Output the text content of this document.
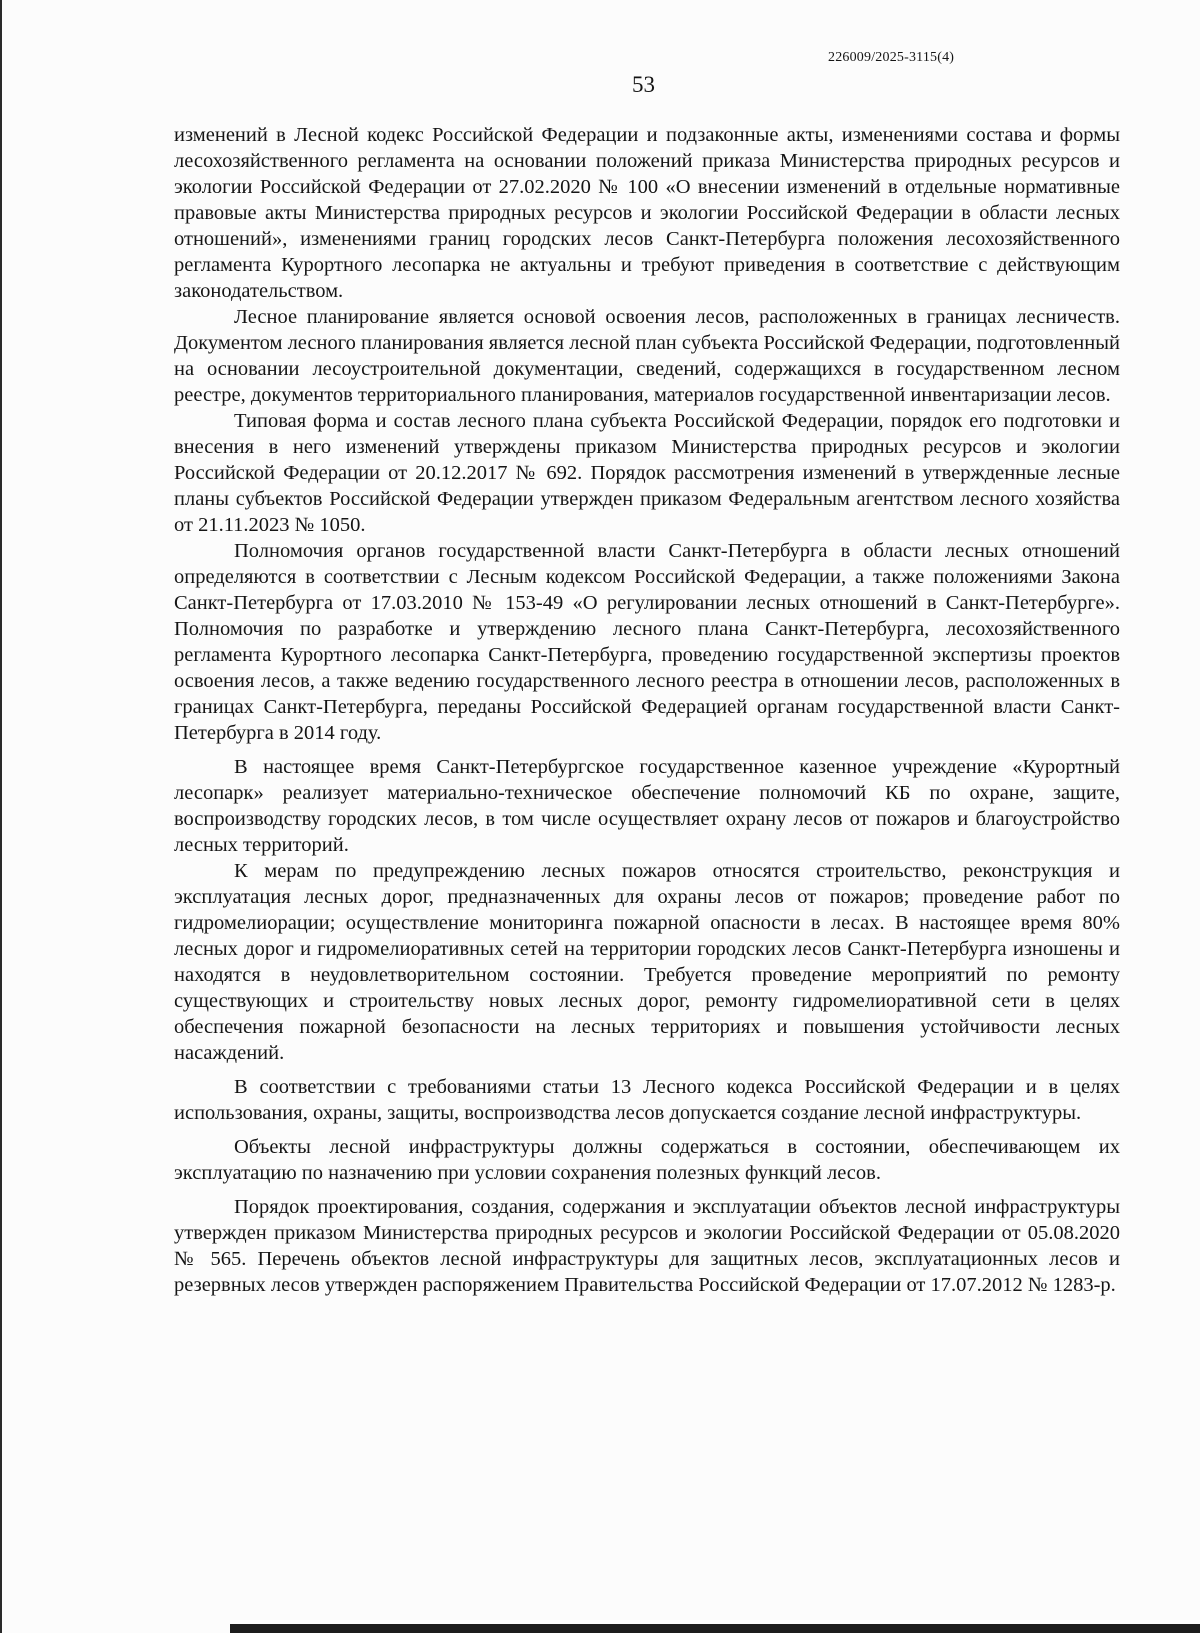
226009/2025-3115(4)
53

изменений в Лесной кодекс Российской Федерации и подзаконные акты, изменениями состава и формы лесохозяйственного регламента на основании положений приказа Министерства природных ресурсов и экологии Российской Федерации от 27.02.2020 № 100 «О внесении изменений в отдельные нормативные правовые акты Министерства природных ресурсов и экологии Российской Федерации в области лесных отношений», изменениями границ городских лесов Санкт-Петербурга положения лесохозяйственного регламента Курортного лесопарка не актуальны и требуют приведения в соответствие с действующим законодательством.

Лесное планирование является основой освоения лесов, расположенных в границах лесничеств. Документом лесного планирования является лесной план субъекта Российской Федерации, подготовленный на основании лесоустроительной документации, сведений, содержащихся в государственном лесном реестре, документов территориального планирования, материалов государственной инвентаризации лесов.

Типовая форма и состав лесного плана субъекта Российской Федерации, порядок его подготовки и внесения в него изменений утверждены приказом Министерства природных ресурсов и экологии Российской Федерации от 20.12.2017 № 692. Порядок рассмотрения изменений в утвержденные лесные планы субъектов Российской Федерации утвержден приказом Федеральным агентством лесного хозяйства от 21.11.2023 № 1050.

Полномочия органов государственной власти Санкт-Петербурга в области лесных отношений определяются в соответствии с Лесным кодексом Российской Федерации, а также положениями Закона Санкт-Петербурга от 17.03.2010 № 153-49 «О регулировании лесных отношений в Санкт-Петербурге». Полномочия по разработке и утверждению лесного плана Санкт-Петербурга, лесохозяйственного регламента Курортного лесопарка Санкт-Петербурга, проведению государственной экспертизы проектов освоения лесов, а также ведению государственного лесного реестра в отношении лесов, расположенных в границах Санкт-Петербурга, переданы Российской Федерацией органам государственной власти Санкт-Петербурга в 2014 году.

В настоящее время Санкт-Петербургское государственное казенное учреждение «Курортный лесопарк» реализует материально-техническое обеспечение полномочий КБ по охране, защите, воспроизводству городских лесов, в том числе осуществляет охрану лесов от пожаров и благоустройство лесных территорий.

К мерам по предупреждению лесных пожаров относятся строительство, реконструкция и эксплуатация лесных дорог, предназначенных для охраны лесов от пожаров; проведение работ по гидромелиорации; осуществление мониторинга пожарной опасности в лесах. В настоящее время 80% лесных дорог и гидромелиоративных сетей на территории городских лесов Санкт-Петербурга изношены и находятся в неудовлетворительном состоянии. Требуется проведение мероприятий по ремонту существующих и строительству новых лесных дорог, ремонту гидромелиоративной сети в целях обеспечения пожарной безопасности на лесных территориях и повышения устойчивости лесных насаждений.

В соответствии с требованиями статьи 13 Лесного кодекса Российской Федерации и в целях использования, охраны, защиты, воспроизводства лесов допускается создание лесной инфраструктуры.

Объекты лесной инфраструктуры должны содержаться в состоянии, обеспечивающем их эксплуатацию по назначению при условии сохранения полезных функций лесов.

Порядок проектирования, создания, содержания и эксплуатации объектов лесной инфраструктуры утвержден приказом Министерства природных ресурсов и экологии Российской Федерации от 05.08.2020 № 565. Перечень объектов лесной инфраструктуры для защитных лесов, эксплуатационных лесов и резервных лесов утвержден распоряжением Правительства Российской Федерации от 17.07.2012 № 1283-р.
